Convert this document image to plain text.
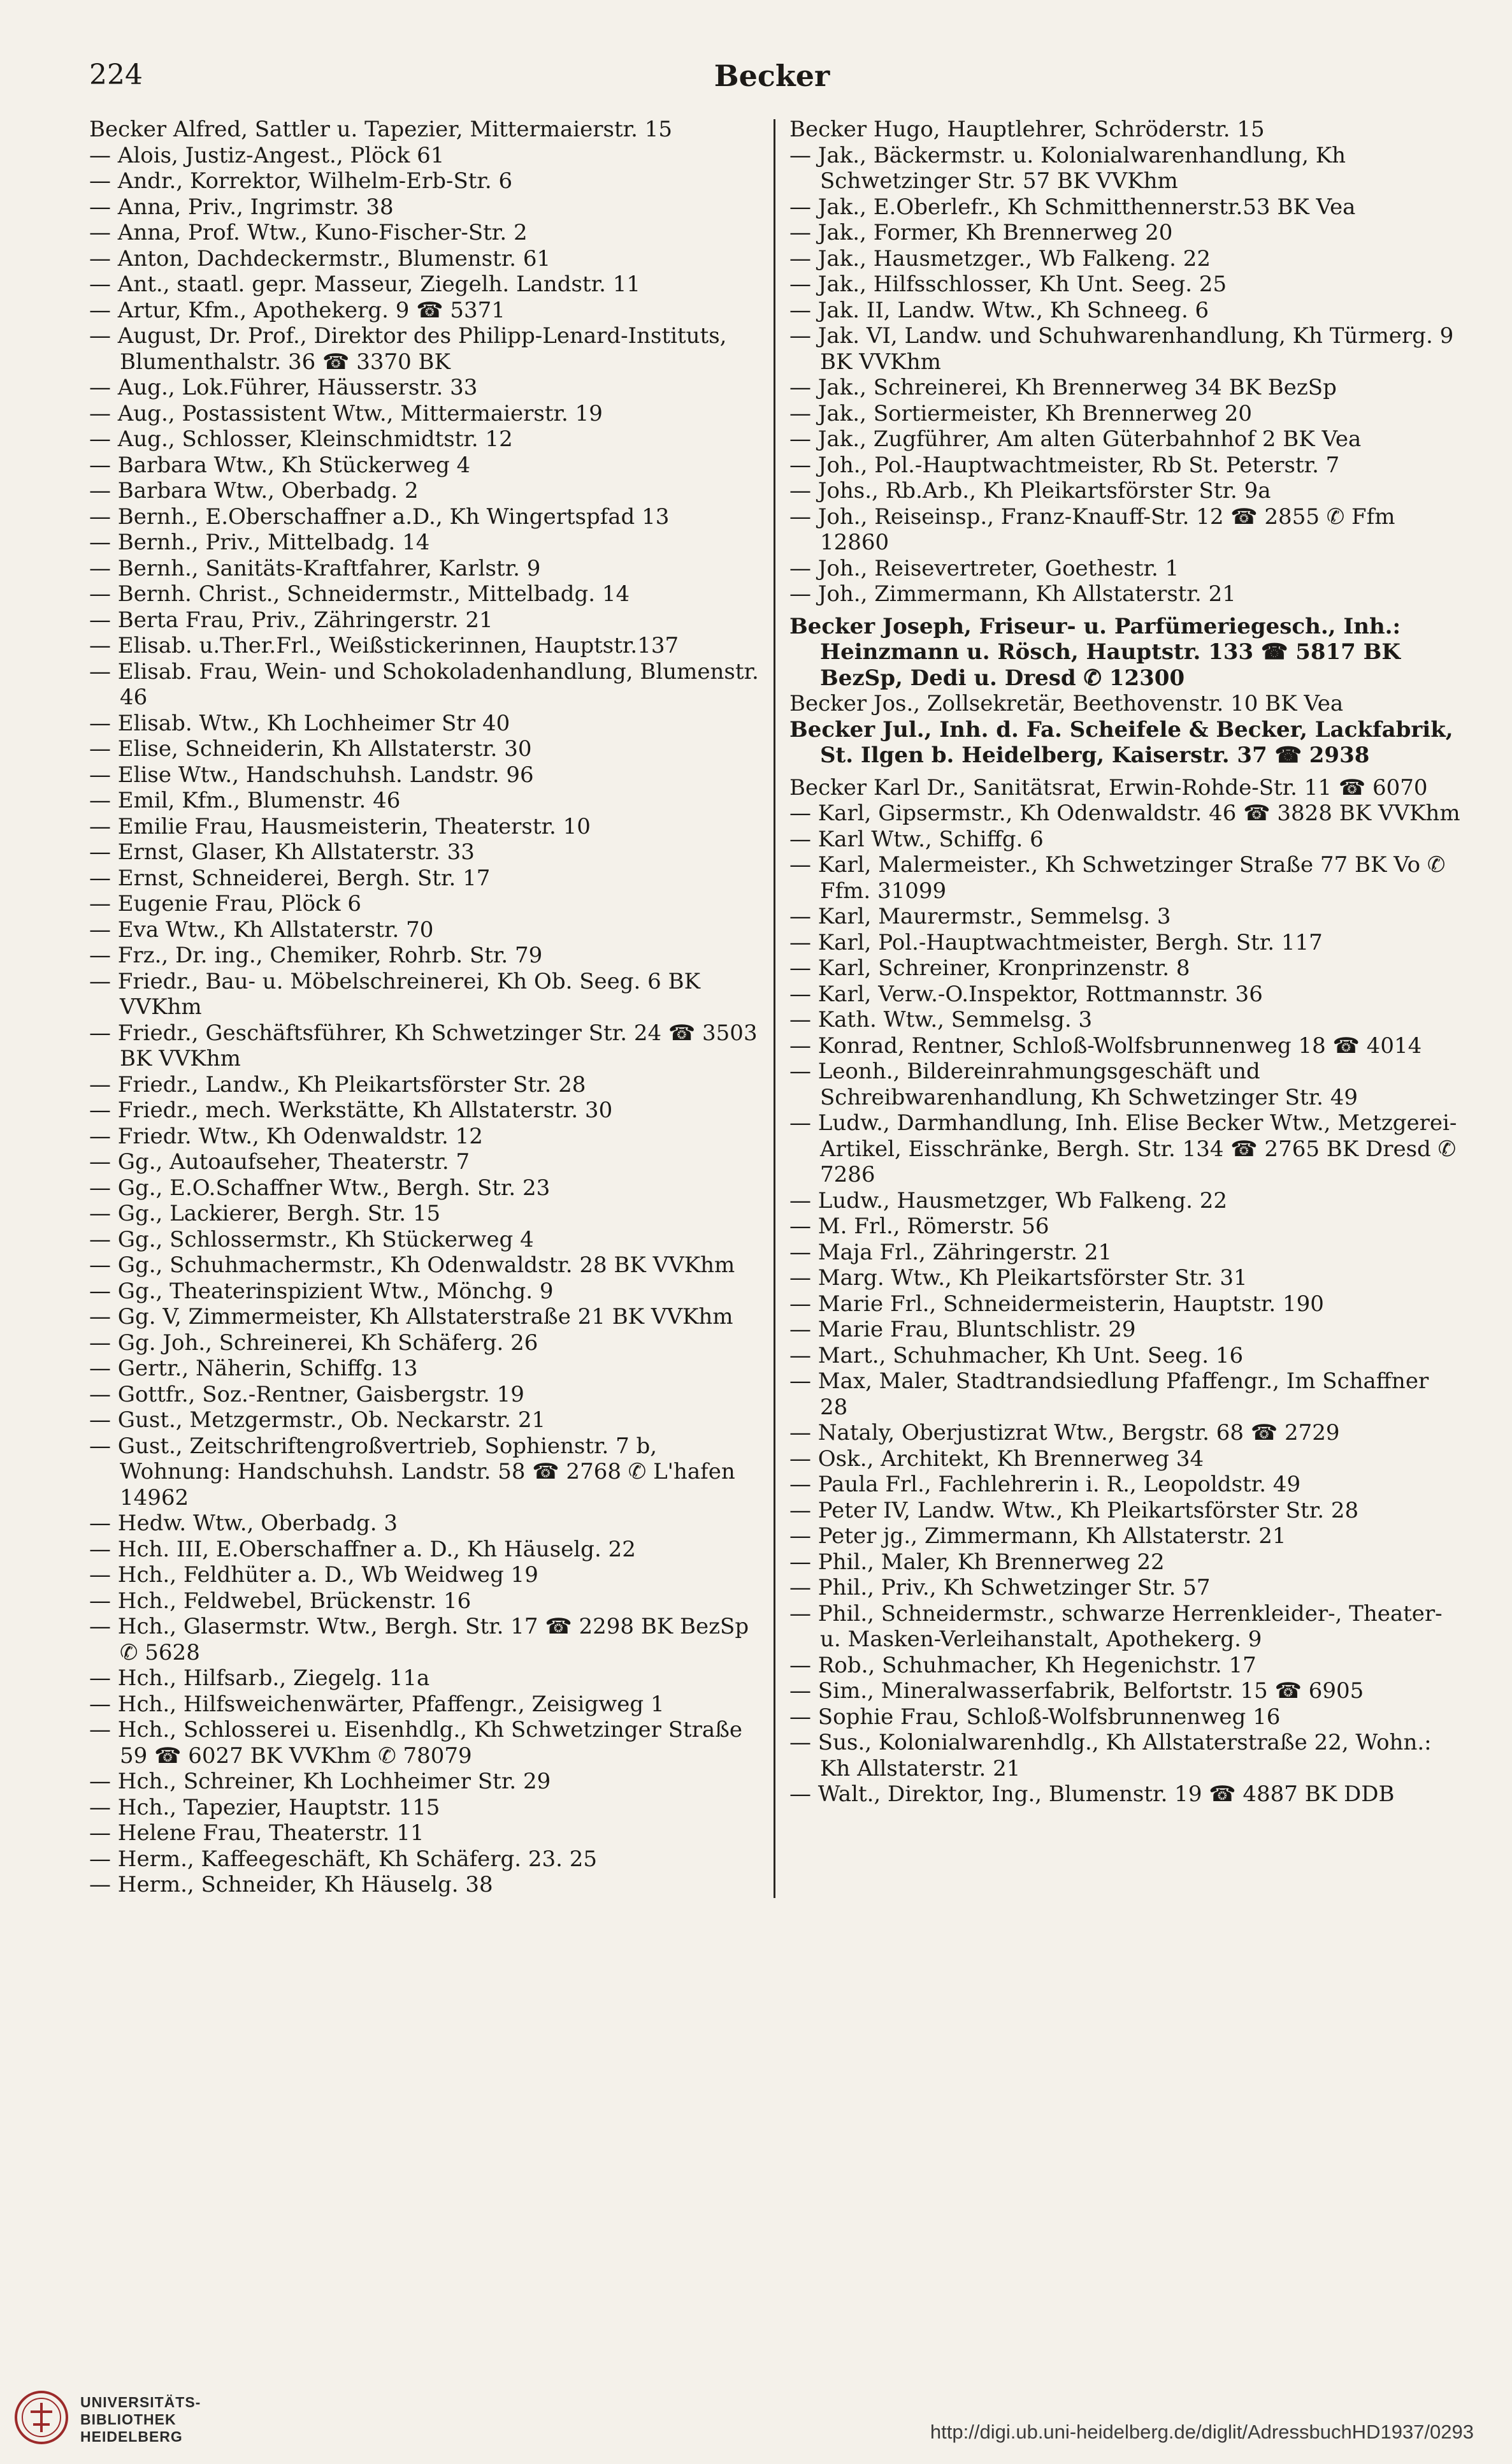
224	Becker
Becker Alfred, Sattler u. Tapezier, Mittermaierstr. 15
— Alois, Justiz-Angest., Plöck 61
— Andr., Korrektor, Wilhelm-Erb-Str. 6
— Anna, Priv., Ingrimstr. 38
— Anna, Prof. Wtw., Kuno-Fischer-Str. 2
— Anton, Dachdeckermstr., Blumenstr. 61
— Ant., staatl. gepr. Masseur, Ziegelh. Landstr. 11
— Artur, Kfm., Apothekerg. 9 ☎ 5371
— August, Dr. Prof., Direktor des Philipp-Lenard-Instituts, Blumenthalstr. 36 ☎ 3370 BK
— Aug., Lok.Führer, Häusserstr. 33
— Aug., Postassistent Wtw., Mittermaierstr. 19
— Aug., Schlosser, Kleinschmidtstr. 12
— Barbara Wtw., Kh Stückerweg 4
— Barbara Wtw., Oberbadg. 2
— Bernh., E.Oberschaffner a.D., Kh Wingertspfad 13
— Bernh., Priv., Mittelbadg. 14
— Bernh., Sanitäts-Kraftfahrer, Karlstr. 9
— Bernh. Christ., Schneidermstr., Mittelbadg. 14
— Berta Frau, Priv., Zähringerstr. 21
— Elisab. u.Ther.Frl., Weißstickerinnen, Hauptstr.137
— Elisab. Frau, Wein- und Schokoladenhandlung, Blumenstr. 46
— Elisab. Wtw., Kh Lochheimer Str 40
— Elise, Schneiderin, Kh Allstaterstr. 30
— Elise Wtw., Handschuhsh. Landstr. 96
— Emil, Kfm., Blumenstr. 46
— Emilie Frau, Hausmeisterin, Theaterstr. 10
— Ernst, Glaser, Kh Allstaterstr. 33
— Ernst, Schneiderei, Bergh. Str. 17
— Eugenie Frau, Plöck 6
— Eva Wtw., Kh Allstaterstr. 70
— Frz., Dr. ing., Chemiker, Rohrb. Str. 79
— Friedr., Bau- u. Möbelschreinerei, Kh Ob. Seeg. 6 BK VVKhm
— Friedr., Geschäftsführer, Kh Schwetzinger Str. 24 ☎ 3503 BK VVKhm
— Friedr., Landw., Kh Pleikartsförster Str. 28
— Friedr., mech. Werkstätte, Kh Allstaterstr. 30
— Friedr. Wtw., Kh Odenwaldstr. 12
— Gg., Autoaufseher, Theaterstr. 7
— Gg., E.O.Schaffner Wtw., Bergh. Str. 23
— Gg., Lackierer, Bergh. Str. 15
— Gg., Schlossermstr., Kh Stückerweg 4
— Gg., Schuhmachermstr., Kh Odenwaldstr. 28 BK VVKhm
— Gg., Theaterinspizient Wtw., Mönchg. 9
— Gg. V, Zimmermeister, Kh Allstaterstraße 21 BK VVKhm
— Gg. Joh., Schreinerei, Kh Schäferg. 26
— Gertr., Näherin, Schiffg. 13
— Gottfr., Soz.-Rentner, Gaisbergstr. 19
— Gust., Metzgermstr., Ob. Neckarstr. 21
— Gust., Zeitschriftengroßvertrieb, Sophienstr. 7 b, Wohnung: Handschuhsh. Landstr. 58 ☎ 2768 ✆ L'hafen 14962
— Hedw. Wtw., Oberbadg. 3
— Hch. III, E.Oberschaffner a. D., Kh Häuselg. 22
— Hch., Feldhüter a. D., Wb Weidweg 19
— Hch., Feldwebel, Brückenstr. 16
— Hch., Glasermstr. Wtw., Bergh. Str. 17 ☎ 2298 BK BezSp ✆ 5628
— Hch., Hilfsarb., Ziegelg. 11a
— Hch., Hilfsweichenwärter, Pfaffengr., Zeisigweg 1
— Hch., Schlosserei u. Eisenhdlg., Kh Schwetzinger Straße 59 ☎ 6027 BK VVKhm ✆ 78079
— Hch., Schreiner, Kh Lochheimer Str. 29
— Hch., Tapezier, Hauptstr. 115
— Helene Frau, Theaterstr. 11
— Herm., Kaffeegeschäft, Kh Schäferg. 23. 25
— Herm., Schneider, Kh Häuselg. 38
Becker Hugo, Hauptlehrer, Schröderstr. 15
— Jak., Bäckermstr. u. Kolonialwarenhandlung, Kh Schwetzinger Str. 57 BK VVKhm
— Jak., E.Oberlefr., Kh Schmitthennerstr.53 BK Vea
— Jak., Former, Kh Brennerweg 20
— Jak., Hausmetzger., Wb Falkeng. 22
— Jak., Hilfsschlosser, Kh Unt. Seeg. 25
— Jak. II, Landw. Wtw., Kh Schneeg. 6
— Jak. VI, Landw. und Schuhwarenhandlung, Kh Türmerg. 9 BK VVKhm
— Jak., Schreinerei, Kh Brennerweg 34 BK BezSp
— Jak., Sortiermeister, Kh Brennerweg 20
— Jak., Zugführer, Am alten Güterbahnhof 2 BK Vea
— Joh., Pol.-Hauptwachtmeister, Rb St. Peterstr. 7
— Johs., Rb.Arb., Kh Pleikartsförster Str. 9a
— Joh., Reiseinsp., Franz-Knauff-Str. 12 ☎ 2855 ✆ Ffm 12860
— Joh., Reisevertreter, Goethestr. 1
— Joh., Zimmermann, Kh Allstaterstr. 21
Becker Joseph, Friseur- u. Parfümeriegesch., Inh.: Heinzmann u. Rösch, Hauptstr. 133 ☎ 5817 BK BezSp, Dedi u. Dresd ✆ 12300
Becker Jos., Zollsekretär, Beethovenstr. 10 BK Vea
Becker Jul., Inh. d. Fa. Scheifele & Becker, Lackfabrik, St. Ilgen b. Heidelberg, Kaiserstr. 37 ☎ 2938
Becker Karl Dr., Sanitätsrat, Erwin-Rohde-Str. 11 ☎ 6070
— Karl, Gipsermstr., Kh Odenwaldstr. 46 ☎ 3828 BK VVKhm
— Karl Wtw., Schiffg. 6
— Karl, Malermeister., Kh Schwetzinger Straße 77 BK Vo ✆ Ffm. 31099
— Karl, Maurermstr., Semmelsg. 3
— Karl, Pol.-Hauptwachtmeister, Bergh. Str. 117
— Karl, Schreiner, Kronprinzenstr. 8
— Karl, Verw.-O.Inspektor, Rottmannstr. 36
— Kath. Wtw., Semmelsg. 3
— Konrad, Rentner, Schloß-Wolfsbrunnenweg 18 ☎ 4014
— Leonh., Bildereinrahmungsgeschäft und Schreibwarenhandlung, Kh Schwetzinger Str. 49
— Ludw., Darmhandlung, Inh. Elise Becker Wtw., Metzgerei-Artikel, Eisschränke, Bergh. Str. 134 ☎ 2765 BK Dresd ✆ 7286
— Ludw., Hausmetzger, Wb Falkeng. 22
— M. Frl., Römerstr. 56
— Maja Frl., Zähringerstr. 21
— Marg. Wtw., Kh Pleikartsförster Str. 31
— Marie Frl., Schneidermeisterin, Hauptstr. 190
— Marie Frau, Bluntschlistr. 29
— Mart., Schuhmacher, Kh Unt. Seeg. 16
— Max, Maler, Stadtrandsiedlung Pfaffengr., Im Schaffner 28
— Nataly, Oberjustizrat Wtw., Bergstr. 68 ☎ 2729
— Osk., Architekt, Kh Brennerweg 34
— Paula Frl., Fachlehrerin i. R., Leopoldstr. 49
— Peter IV, Landw. Wtw., Kh Pleikartsförster Str. 28
— Peter jg., Zimmermann, Kh Allstaterstr. 21
— Phil., Maler, Kh Brennerweg 22
— Phil., Priv., Kh Schwetzinger Str. 57
— Phil., Schneidermstr., schwarze Herrenkleider-, Theater- u. Masken-Verleihanstalt, Apothekerg. 9
— Rob., Schuhmacher, Kh Hegenichstr. 17
— Sim., Mineralwasserfabrik, Belfortstr. 15 ☎ 6905
— Sophie Frau, Schloß-Wolfsbrunnenweg 16
— Sus., Kolonialwarenhdlg., Kh Allstaterstraße 22, Wohn.: Kh Allstaterstr. 21
— Walt., Direktor, Ing., Blumenstr. 19 ☎ 4887 BK DDB
UNIVERSITÄTS-
BIBLIOTHEK
HEIDELBERG	http://digi.ub.uni-heidelberg.de/diglit/AdressbuchHD1937/0293
